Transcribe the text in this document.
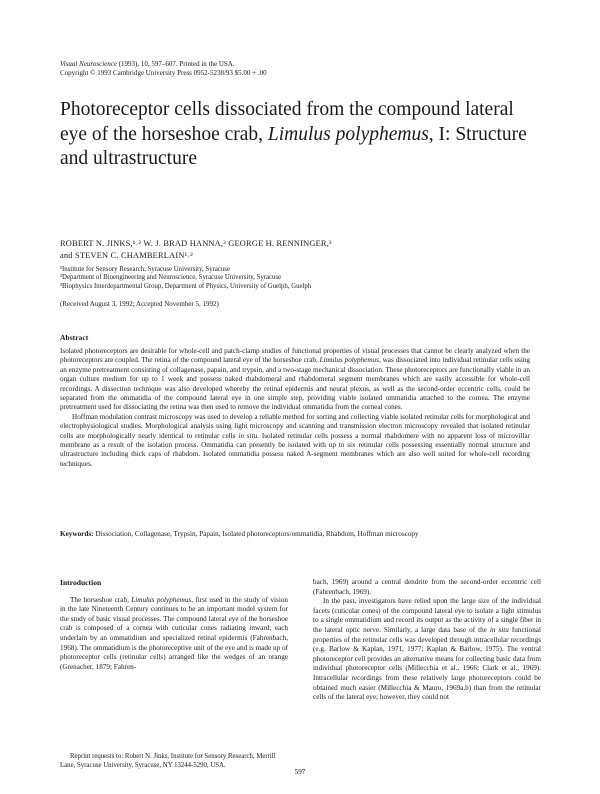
Visual Neuroscience (1993), 10, 597–607. Printed in the USA.
Copyright © 1993 Cambridge University Press 0952-5238/93 $5.00 + .00
Photoreceptor cells dissociated from the compound lateral eye of the horseshoe crab, Limulus polyphemus, I: Structure and ultrastructure
ROBERT N. JINKS,¹˒² W. J. BRAD HANNA,³ GEORGE H. RENNINGER,³
and STEVEN C. CHAMBERLAIN¹˒²
¹Institute for Sensory Research, Syracuse University, Syracuse
²Department of Bioengineering and Neuroscience, Syracuse University, Syracuse
³Biophysics Interdepartmental Group, Department of Physics, University of Guelph, Guelph
(Received August 3, 1992; Accepted November 5, 1992)
Abstract

Isolated photoreceptors are desirable for whole-cell and patch-clamp studies of functional properties of visual processes that cannot be clearly analyzed when the photoreceptors are coupled. The retina of the compound lateral eye of the horseshoe crab, Limulus polyphemus, was dissociated into individual retinular cells using an enzyme pretreatment consisting of collagenase, papain, and trypsin, and a two-stage mechanical dissociation. These photoreceptors are functionally viable in an organ culture medium for up to 1 week and possess naked rhabdomeral and rhabdomeral segment membranes which are easily accessible for whole-cell recordings. A dissection technique was also developed whereby the retinal epidermis and neural plexus, as well as the second-order eccentric cells, could be separated from the ommatidia of the compound lateral eye in one simple step, providing viable isolated ommatidia attached to the cornea. The enzyme pretreatment used for dissociating the retina was then used to remove the individual ommatidia from the corneal cones.

Hoffman modulation contrast microscopy was used to develop a reliable method for sorting and collecting viable isolated retinular cells for morphological and electrophysiological studies. Morphological analysis using light microscopy and scanning and transmission electron microscopy revealed that isolated retinular cells are morphologically nearly identical to retinular cells in situ. Isolated retinular cells possess a normal rhabdomere with no apparent loss of microvillar membrane as a result of the isolation process. Ommatidia can presently be isolated with up to six retinular cells possessing essentially normal structure and ultrastructure including thick caps of rhabdom. Isolated ommatidia possess naked A-segment membranes which are also well suited for whole-cell recording techniques.

Keywords: Dissociation, Collagenase, Trypsin, Papain, Isolated photoreceptors/ommatidia, Rhabdom, Hoffman microscopy
Introduction

The horseshoe crab, Limulus polyphemus, first used in the study of vision in the late Nineteenth Century continues to be an important model system for the study of basic visual processes. The compound lateral eye of the horseshoe crab is composed of a cornea with cuticular cones radiating inward; each underlain by an ommatidium and specialized retinal epidermis (Fahrenbach, 1968). The ommatidium is the photoreceptive unit of the eye and is made up of photoreceptor cells (retinular cells) arranged like the wedges of an orange (Grenacher, 1879; Fahren-

Reprint requests to: Robert N. Jinks, Institute for Sensory Research, Merrill Lane, Syracuse University, Syracuse, NY 13244-5290, USA.

bach, 1969) around a central dendrite from the second-order eccentric cell (Fahrenbach, 1969).

In the past, investigators have relied upon the large size of the individual facets (cuticular cones) of the compound lateral eye to isolate a light stimulus to a single ommatidium and record its output as the activity of a single fiber in the lateral optic nerve. Similarly, a large data base of the in situ functional properties of the retinular cells was developed through intracellular recordings (e.g. Barlow & Kaplan, 1971, 1977; Kaplan & Barlow, 1975). The ventral photoreceptor cell provides an alternative means for collecting basic data from individual photoreceptor cells (Millecchia et al., 1966; Clark et al., 1969). Intracellular recordings from these relatively large photoreceptors could be obtained much easier (Millecchia & Mauro, 1969a,b) than from the retinular cells of the lateral eye; however, they could not

597
